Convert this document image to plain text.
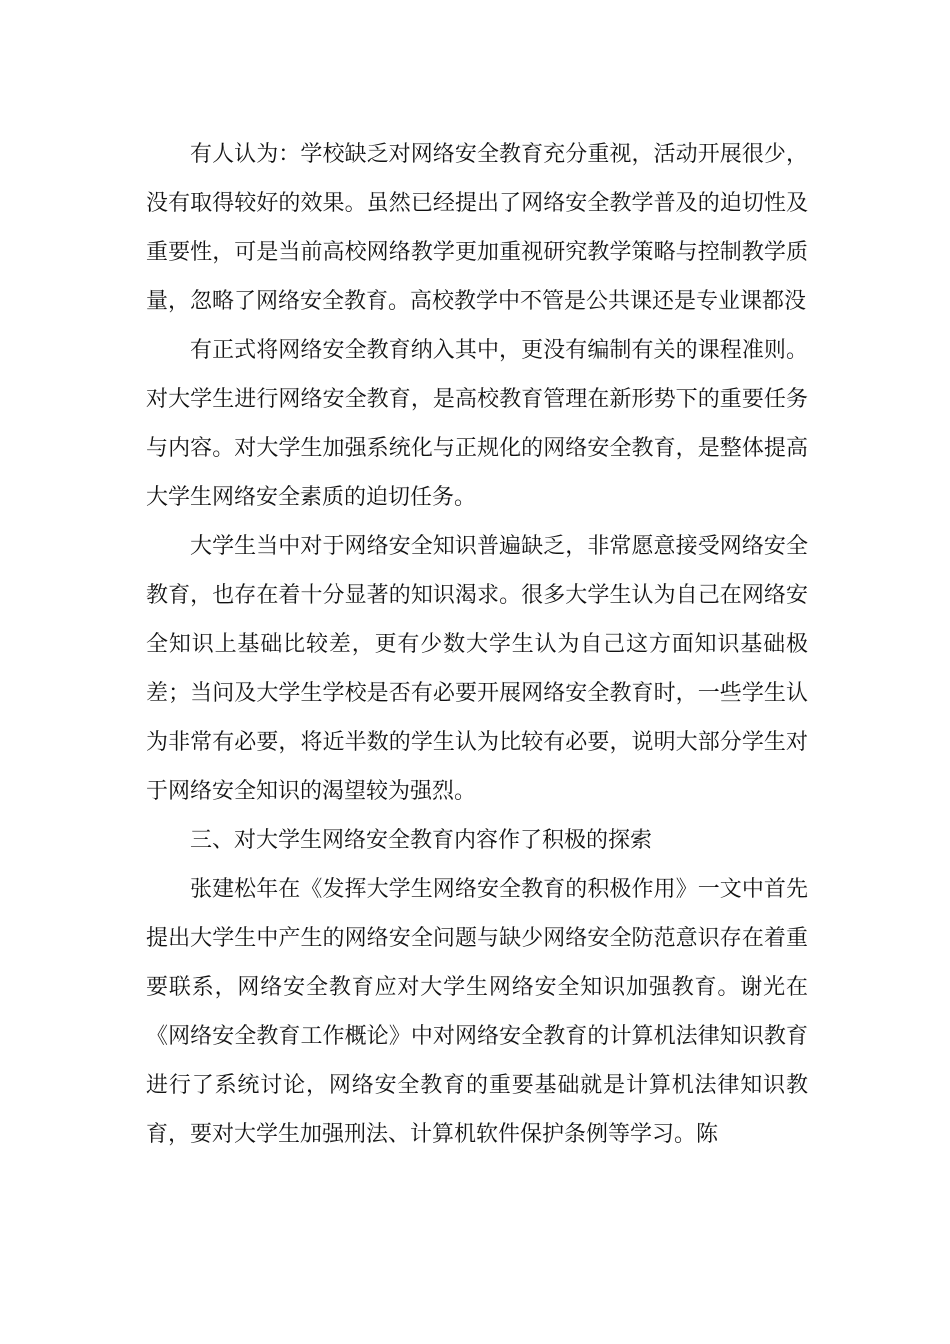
有人认为：学校缺乏对网络安全教育充分重视，活动开展很少，没有取得较好的效果。虽然已经提出了网络安全教学普及的迫切性及重要性，可是当前高校网络教学更加重视研究教学策略与控制教学质量，忽略了网络安全教育。高校教学中不管是公共课还是专业课都没

有正式将网络安全教育纳入其中，更没有编制有关的课程准则。对大学生进行网络安全教育，是高校教育管理在新形势下的重要任务与内容。对大学生加强系统化与正规化的网络安全教育，是整体提高大学生网络安全素质的迫切任务。

大学生当中对于网络安全知识普遍缺乏，非常愿意接受网络安全教育，也存在着十分显著的知识渴求。很多大学生认为自己在网络安全知识上基础比较差，更有少数大学生认为自己这方面知识基础极差；当问及大学生学校是否有必要开展网络安全教育时，一些学生认为非常有必要，将近半数的学生认为比较有必要，说明大部分学生对于网络安全知识的渴望较为强烈。

三、对大学生网络安全教育内容作了积极的探索

张建松年在《发挥大学生网络安全教育的积极作用》一文中首先提出大学生中产生的网络安全问题与缺少网络安全防范意识存在着重要联系，网络安全教育应对大学生网络安全知识加强教育。谢光在《网络安全教育工作概论》中对网络安全教育的计算机法律知识教育进行了系统讨论，网络安全教育的重要基础就是计算机法律知识教育，要对大学生加强刑法、计算机软件保护条例等学习。陈
